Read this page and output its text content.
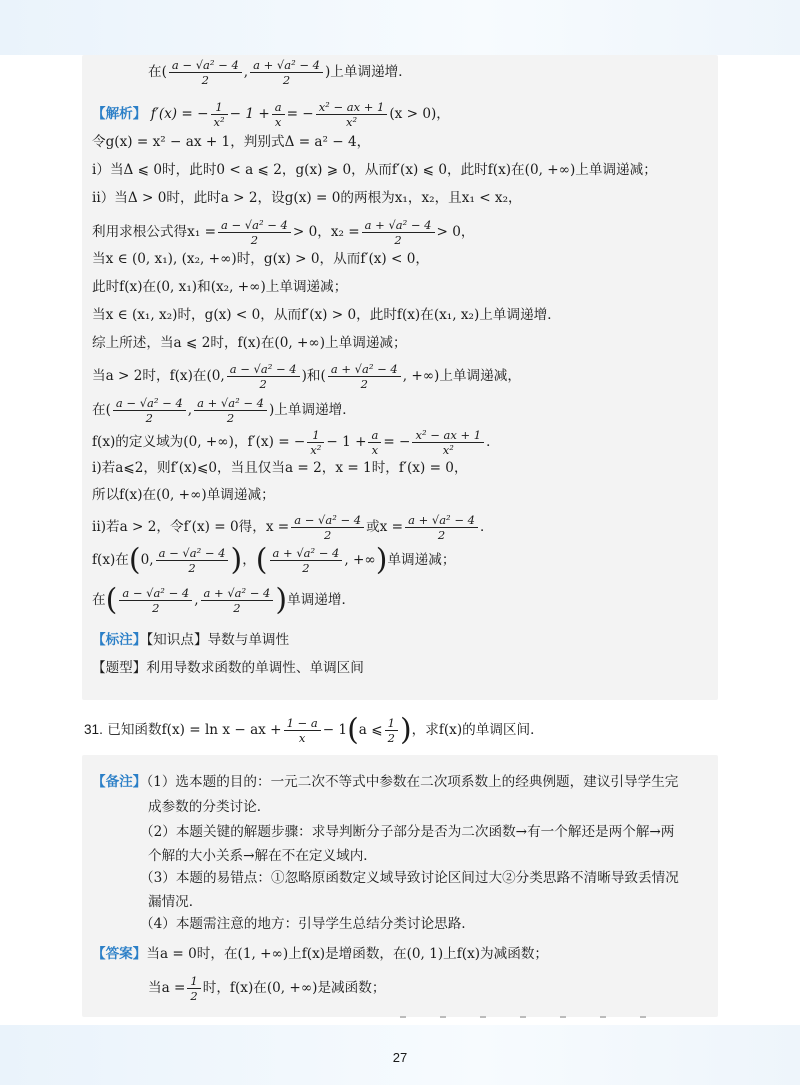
在( $\frac{\text{a − √a² − 4}}{2}$ , $\frac{\text{a + √a² − 4}}{2}$ )上单调递增．
【解析】 f′(x) = − $\frac{1}{\text{x²}} - 1 + \frac{a}{x}$ = − $\frac{\text{x² − ax + 1}}{\text{x²}} (x > 0)$，
令g(x) = x² − ax + 1，判别式Δ = a² − 4，
i）当Δ ⩽ 0时，此时0 < a ⩽ 2，g(x) ⩾ 0，从而f′(x) ⩽ 0，此时f(x)在(0, +∞)上单调递减；
ii）当Δ > 0时，此时a > 2，设g(x) = 0的两根为x₁，x₂，且x₁ < x₂，
利用求根公式得$x_1 = \frac{\text{a − √a² − 4}}{2} > 0$，$x_2 = \frac{\text{a + √a² − 4}}{2} > 0$，
当x ∈ (0, x₁), (x₂, +∞)时，g(x) > 0，从而f′(x) < 0，
此时f(x)在(0, x₁)和(x₂, +∞)上单调递减；
当x ∈ (x₁, x₂)时，g(x) < 0，从而f′(x) > 0，此时f(x)在(x₁, x₂)上单调递增．
综上所述，当a ⩽ 2时，f(x)在(0, +∞)上单调递减；
当a > 2时，f(x)在(0, $\frac{\text{a − √a² − 4}}{2}$ )和( $\frac{\text{a + √a² − 4}}{2}$ , +∞)上单调递减，
在( $\frac{\text{a − √a² − 4}}{2}$ , $\frac{\text{a + √a² − 4}}{2}$ )上单调递增．
f(x)的定义域为(0, +∞)，f′(x) = − $\frac{1}{\text{x²}} - 1 + \frac{a}{x}$ = − $\frac{\text{x² − ax + 1}}{\text{x²}}$ ．
i)若a⩽2，则f′(x)⩽0，当且仅当a = 2，x = 1时，f′(x) = 0，
所以f(x)在(0, +∞)单调递减；
ii)若a > 2，令f′(x) = 0得，$x = \frac{\text{a − √a² − 4}}{2}$ 或$x = \frac{\text{a + √a² − 4}}{2}$ ．
f(x)在(0, $\frac{\text{a − √a² − 4}}{2}$ )，( $\frac{\text{a + √a² − 4}}{2}$ , +∞)单调递减；
在( $\frac{\text{a − √a² − 4}}{2}$ , $\frac{\text{a + √a² − 4}}{2}$ )单调递增．
【标注】【知识点】导数与单调性
【题型】利用导数求函数的单调性、单调区间
31. 已知函数f(x) = ln x − ax + $\frac{1 - a}{x} - 1(a$ ⩽ $\frac{1}{2}$ )，求f(x)的单调区间．
【备注】（1）选本题的目的：一元二次不等式中参数在二次项系数上的经典例题，建议引导学生完
成参数的分类讨论．
（2）本题关键的解题步骤：求导判断分子部分是否为二次函数→有一个解还是两个解→两
个解的大小关系→解在不在定义域内．
（3）本题的易错点：①忽略原函数定义域导致讨论区间过大②分类思路不清晰导致丢情况
漏情况．
（4）本题需注意的地方：引导学生总结分类讨论思路.
【答案】当a = 0时，在(1, +∞)上f(x)是增函数，在(0, 1)上f(x)为减函数；
当$a = \frac{1}{2}$ 时，f(x)在(0, +∞)是减函数；
27
